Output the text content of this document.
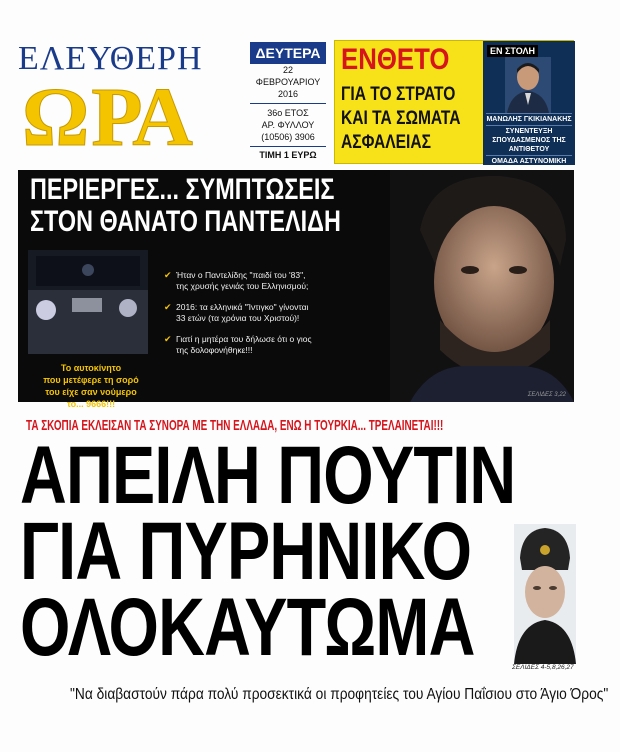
ΕΛΕΥΘΕΡΗ
ΩΡΑ
ΔΕΥΤΕΡΑ
22 ΦΕΒΡΟΥΑΡΙΟΥ
2016
36ο ΕΤΟΣ
ΑΡ. ΦΥΛΛΟΥ
(10506) 3906
ΤΙΜΗ 1 ΕΥΡΩ
ΕΝΘΕΤΟ
ΓΙΑ ΤΟ ΣΤΡΑΤΟ
ΚΑΙ ΤΑ ΣΩΜΑΤΑ
ΑΣΦΑΛΕΙΑΣ
ΕΝ ΣΤΟΛΗ
ΜΑΝΩΛΗΣ ΓΚΙΚΙΑΝΑΚΗΣ
ΣΥΝΕΝΤΕΥΞΗ ΣΠΟΥΔΑΣΜΕΝΟΣ ΤΗΣ ΑΝΤΙΘΕΤΟΥ
ΟΜΑΔΑ ΑΣΤΥΝΟΜΙΚΗ
ΠΕΡΙΕΡΓΕΣ... ΣΥΜΠΤΩΣΕΙΣ
ΣΤΟΝ ΘΑΝΑΤΟ ΠΑΝΤΕΛΙΔΗ
Το αυτοκίνητο
που μετέφερε τη σορό
του είχε σαν νούμερο
το... 9666!!!
✔ Ήταν ο Παντελίδης "παιδί του '83", της χρυσής γενιάς του Ελληνισμού;
✔ 2016: τα ελληνικά "Ίντιγκο" γίνονται 33 ετών (τα χρόνια του Χριστού)!
✔ Γιατί η μητέρα του δήλωσε ότι ο γιος της δολοφονήθηκε!!!
ΣΕΛΙΔΕΣ 3,22
ΤΑ ΣΚΟΠΙΑ ΕΚΛΕΙΣΑΝ ΤΑ ΣΥΝΟΡΑ ΜΕ ΤΗΝ ΕΛΛΑΔΑ, ΕΝΩ Η ΤΟΥΡΚΙΑ... ΤΡΕΛΑΙΝΕΤΑΙ!!!
ΑΠΕΙΛΗ ΠΟΥΤΙΝ
ΓΙΑ ΠΥΡΗΝΙΚΟ
ΟΛΟΚΑΥΤΩΜΑ	ΣΕΛΙΔΕΣ 4-5,8,26,27
"Να διαβαστούν πάρα πολύ προσεκτικά οι προφητείες του Αγίου Παΐσιου στο Άγιο Όρος"
